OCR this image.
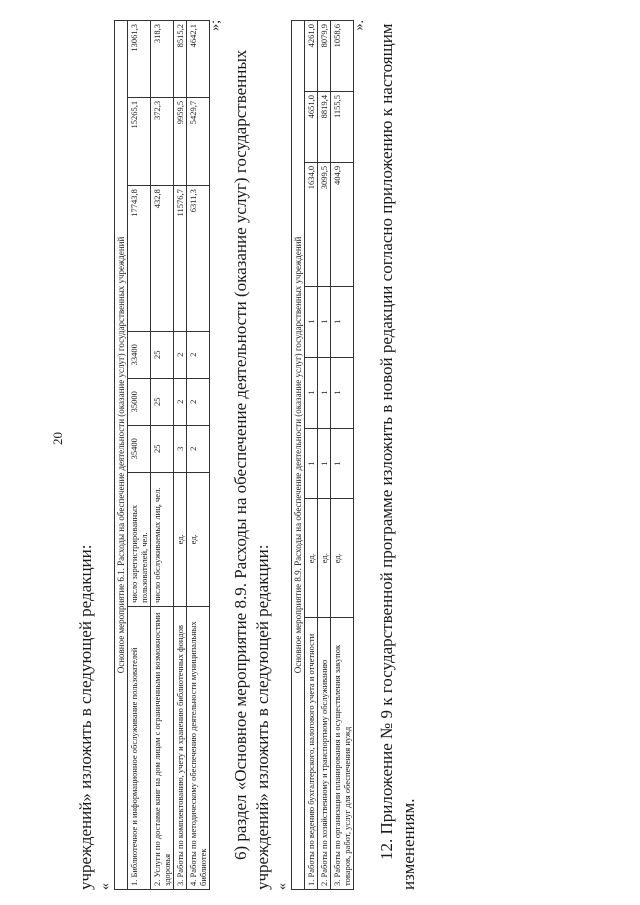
20

учреждений» изложить в следующей редакции: «

Основное мероприятие 6.1. Расходы на обеспечение деятельности (оказание услуг) государственных учреждений							
1. Библиотечное и информационное обслуживание пользователей	число зарегистрированных пользователей, чел.	35400	35000	33400	17743,8	15265,1	13061,3
2. Услуги по доставке книг на дом лицам с ограниченными возможностями здоровья	число обслуживаемых лиц, чел.	25	25	25	432,8	372,3	318,3
3. Работы по комплектованию, учету и хранению библиотечных фондов	ед.	3	2	2	11576,7	9959,5	8515,2
4. Работы по методическому обеспечению деятельности муниципальных библиотек	ед.	2	2	2	6311,3	5429,7	4642,1 »;

6) раздел «Основное мероприятие 8.9. Расходы на обеспечение деятельности (оказание услуг) государственных учреждений» изложить в следующей редакции: «

Основное мероприятие 8.9. Расходы на обеспечение деятельности (оказание услуг) государственных учреждений							
1. Работы по ведению бухгалтерского, налогового учета и отчетности	ед.	1	1	1	1634,0	4651,0	4261,0
2. Работы по хозяйственному и транспортному обслуживанию	ед.	1	1	1	3099,5	8819,4	8079,9
3. Работы по организации планирования и осуществления закупок товаров, работ, услуг для обеспечения нужд	ед.	1	1	1	404,9	1155,5	1058,6 ». 12. Приложение № 9 к государственной программе изложить в новой редакции согласно приложению к настоящим изменениям.
